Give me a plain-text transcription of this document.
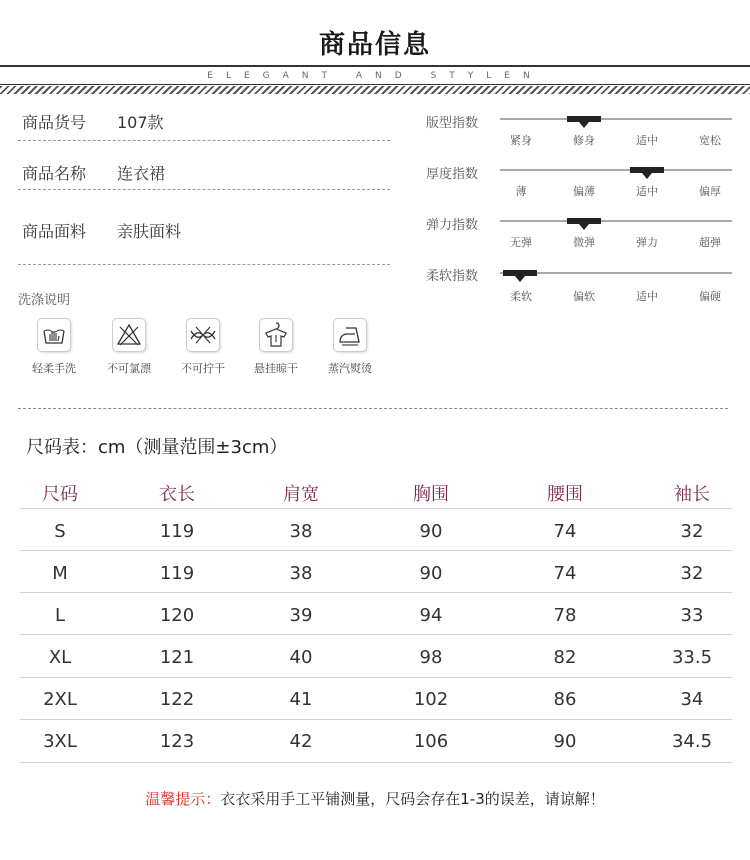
商品信息
ELEGANT AND STYLEN
商品货号 107款
商品名称 连衣裙
商品面料 亲肤面料
洗涤说明
轻柔手洗	不可氯漂	不可拧干	悬挂晾干	蒸汽熨烫
版型指数
紧身	修身	适中	宽松
厚度指数
薄	偏薄	适中	偏厚
弹力指数
无弹	微弹	弹力	超弹
柔软指数
柔软	偏软	适中	偏硬
尺码表：cm（测量范围±3cm）
尺码	衣长	肩宽	胸围	腰围	袖长
S	119	38	90	74	32
M	119	38	90	74	32
L	120	39	94	78	33
XL	121	40	98	82	33.5
2XL	122	41	102	86	34
3XL	123	42	106	90	34.5
温馨提示：衣衣采用手工平铺测量，尺码会存在1-3的误差，请谅解！
